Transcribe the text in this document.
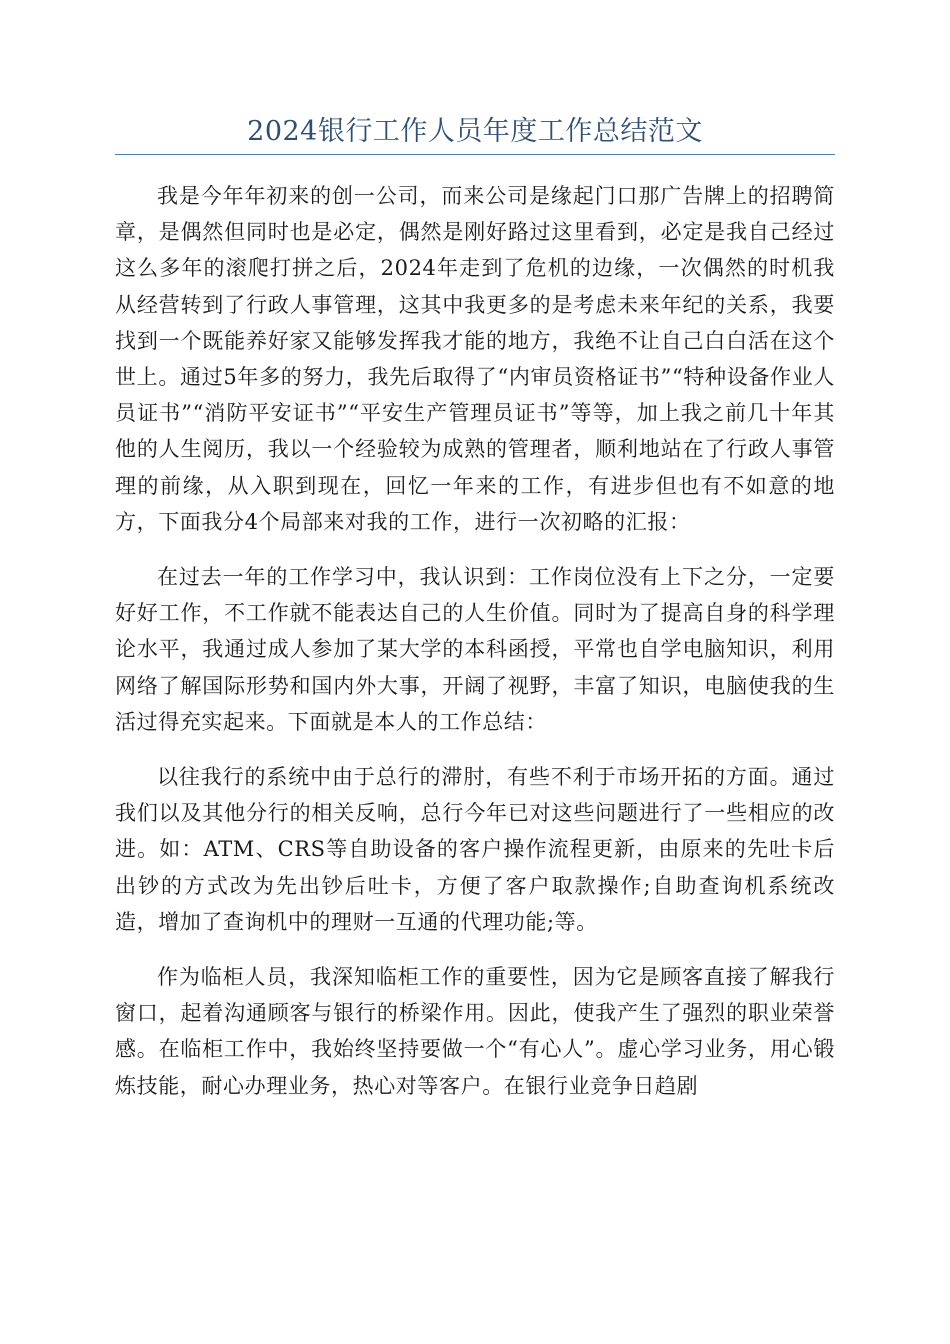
2024银行工作人员年度工作总结范文

我是今年年初来的创一公司，而来公司是缘起门口那广告牌上的招聘简章，是偶然但同时也是必定，偶然是刚好路过这里看到，必定是我自己经过这么多年的滚爬打拼之后，2024年走到了危机的边缘，一次偶然的时机我从经营转到了行政人事管理，这其中我更多的是考虑未来年纪的关系，我要找到一个既能养好家又能够发挥我才能的地方，我绝不让自己白白活在这个世上。通过5年多的努力，我先后取得了“内审员资格证书”“特种设备作业人员证书”“消防平安证书”“平安生产管理员证书”等等，加上我之前几十年其他的人生阅历，我以一个经验较为成熟的管理者，顺利地站在了行政人事管理的前缘，从入职到现在，回忆一年来的工作，有进步但也有不如意的地方，下面我分4个局部来对我的工作，进行一次初略的汇报：

在过去一年的工作学习中，我认识到：工作岗位没有上下之分，一定要好好工作，不工作就不能表达自己的人生价值。同时为了提高自身的科学理论水平，我通过成人参加了某大学的本科函授，平常也自学电脑知识，利用网络了解国际形势和国内外大事，开阔了视野，丰富了知识，电脑使我的生活过得充实起来。下面就是本人的工作总结：

以往我行的系统中由于总行的滞肘，有些不利于市场开拓的方面。通过我们以及其他分行的相关反响，总行今年已对这些问题进行了一些相应的改进。如：ATM、CRS等自助设备的客户操作流程更新，由原来的先吐卡后出钞的方式改为先出钞后吐卡，方便了客户取款操作;自助查询机系统改造，增加了查询机中的理财一互通的代理功能;等。

作为临柜人员，我深知临柜工作的重要性，因为它是顾客直接了解我行窗口，起着沟通顾客与银行的桥梁作用。因此，使我产生了强烈的职业荣誉感。在临柜工作中，我始终坚持要做一个“有心人”。虚心学习业务，用心锻炼技能，耐心办理业务，热心对等客户。在银行业竞争日趋剧
